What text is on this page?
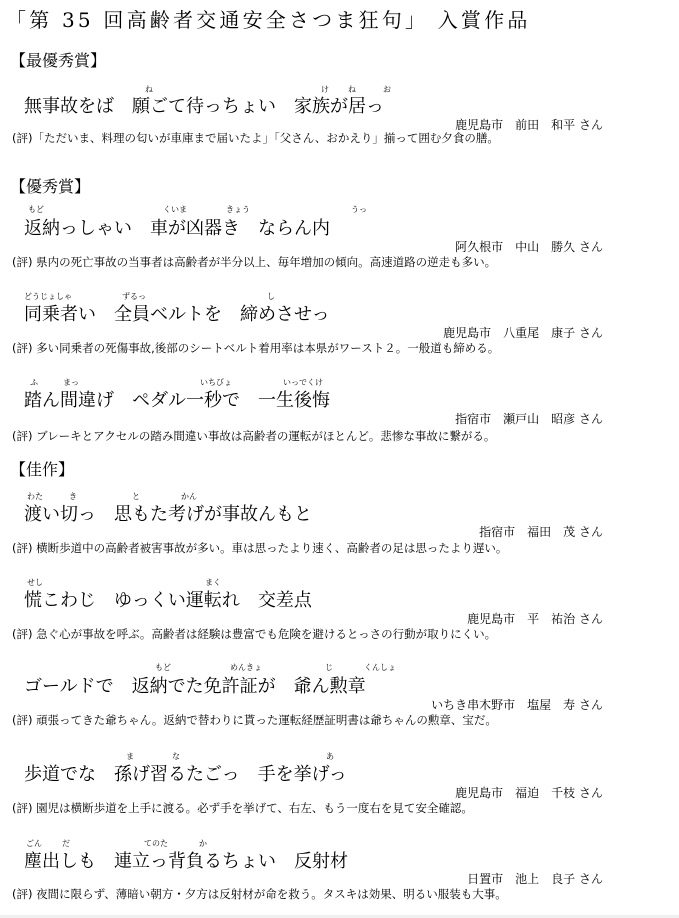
「第 35 回高齢者交通安全さつま狂句」 入賞作品
【最優秀賞】
ね	け ね	お
無事故をば　願ごて待っちょい　家族が居っ
鹿児島市　前田　和平 さん
(評)「ただいま、料理の匂いが車庫まで届いたよ」「父さん、おかえり」揃って囲む夕食の膳。
【優秀賞】
もど	くいま	きょう	うっ
返納っしゃい　車が凶器き　ならん内
阿久根市　中山　勝久 さん
(評) 県内の死亡事故の当事者は高齢者が半分以上、毎年増加の傾向。高速道路の逆走も多い。
どうじょしゃ	ずるっ	し
同乗者い　全員ベルトを　締めさせっ
鹿児島市　八重尾　康子 さん
(評) 多い同乗者の死傷事故,後部のシートベルト着用率は本県がワースト２。一般道も締める。
ふ	まっ	いちびょ	いっでくけ
踏ん間違げ　ペダル一秒で　一生後悔
指宿市　瀬戸山　昭彦 さん
(評) ブレーキとアクセルの踏み間違い事故は高齢者の運転がほとんど。悲惨な事故に繋がる。
【佳作】
わた	き	と	かん
渡い切っ　思もた考げが事故んもと
指宿市　福田　茂 さん
(評) 横断歩道中の高齢者被害事故が多い。車は思ったより速く、高齢者の足は思ったより遅い。
せし	まく
慌こわじ　ゆっくい運転れ　交差点
鹿児島市　平　祐治 さん
(評) 急ぐ心が事故を呼ぶ。高齢者は経験は豊富でも危険を避けるとっさの行動が取りにくい。
もど	めんきょ	じ	くんしょ
ゴールドで　返納でた免許証が　爺ん勲章
いちき串木野市　塩屋　寿 さん
(評) 頑張ってきた爺ちゃん。返納で替わりに貰った運転経歴証明書は爺ちゃんの勲章、宝だ。
ま	な	あ
歩道でな　孫げ習るたごっ　手を挙げっ
鹿児島市　福迫　千枝 さん
(評) 園児は横断歩道を上手に渡る。必ず手を挙げて、右左、もう一度右を見て安全確認。
ごん	だ	てのた	か
塵出しも　連立っ背負るちょい　反射材
日置市　池上　良子 さん
(評) 夜間に限らず、薄暗い朝方・夕方は反射材が命を救う。タスキは効果、明るい服装も大事。
